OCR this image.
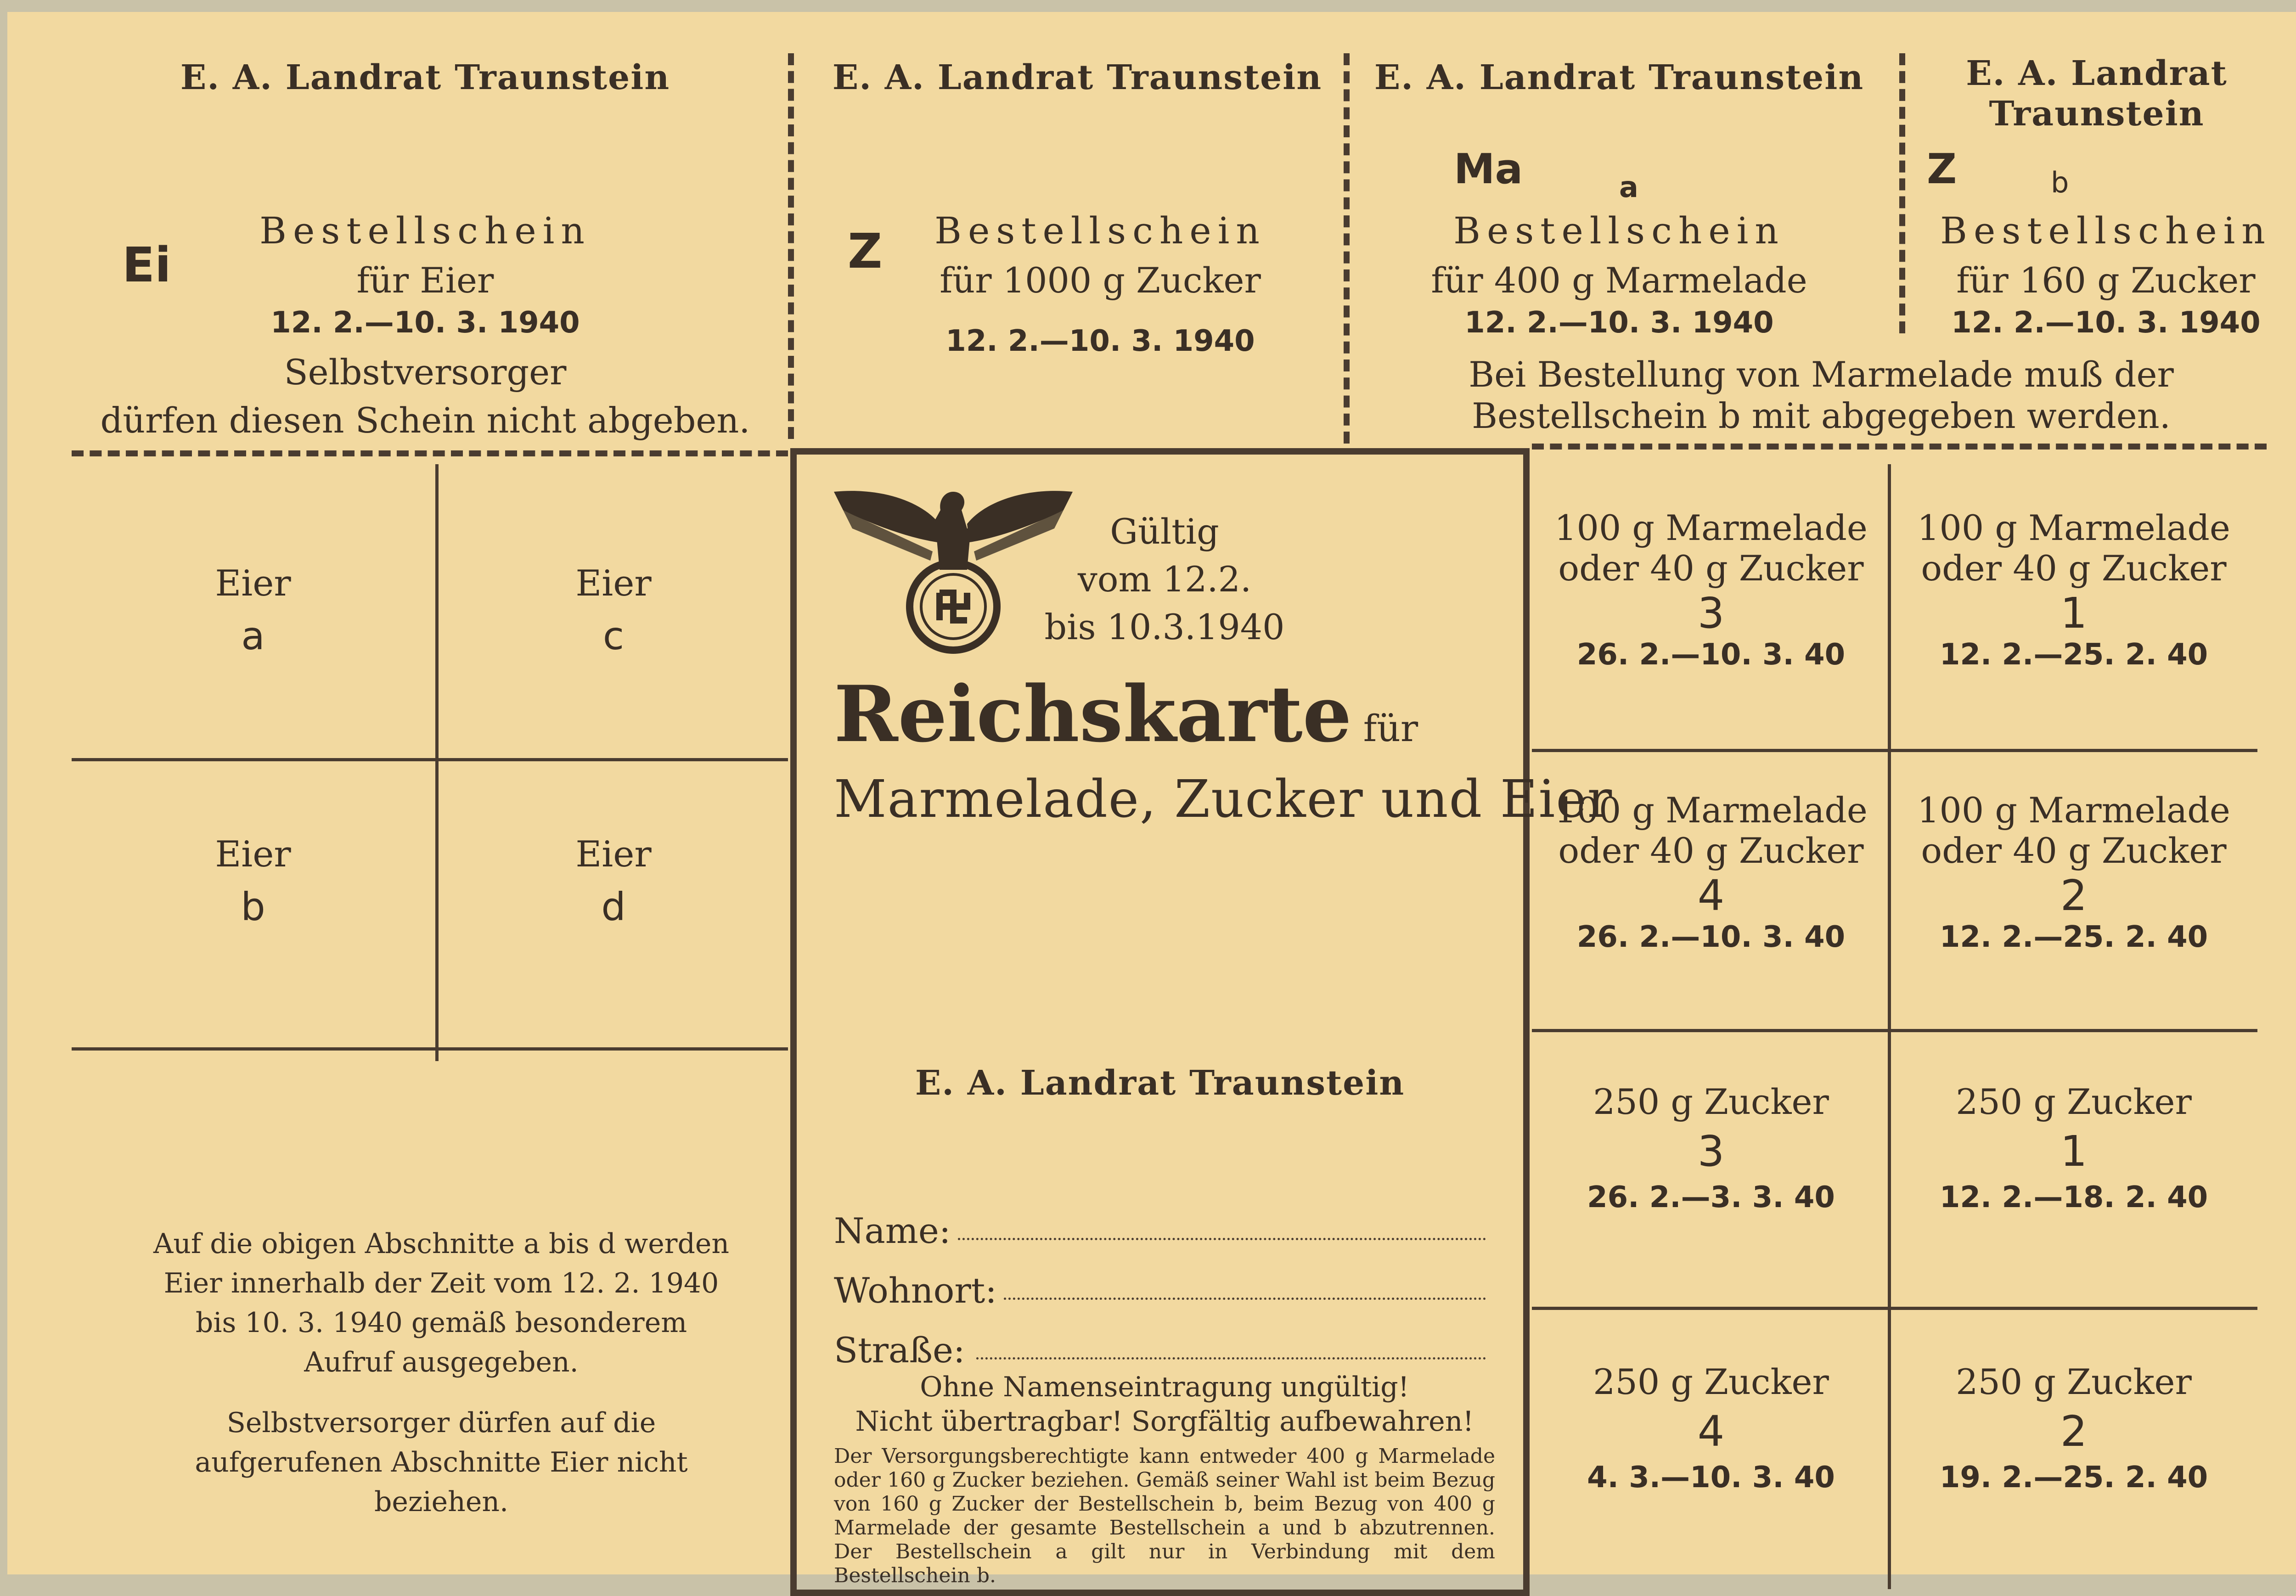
E. A. Landrat Traunstein
Ei
Bestellschein
für Eier
12. 2.—10. 3. 1940
Selbstversorger
dürfen diesen Schein nicht abgeben.
E. A. Landrat Traunstein
Z	Bestellschein
für 1000 g Zucker
12. 2.—10. 3. 1940
E. A. Landrat Traunstein
Ma	a
Bestellschein
für 400 g Marmelade
12. 2.—10. 3. 1940
E. A. Landrat
Traunstein
Z	b
Bestellschein
für 160 g Zucker
12. 2.—10. 3. 1940
Bei Bestellung von Marmelade muß der
Bestellschein b mit abgegeben werden.
Eier
a
Eier
c
Eier
b
Eier
d
Auf die obigen Abschnitte a bis d werden Eier innerhalb der Zeit vom 12. 2. 1940 bis 10. 3. 1940 gemäß besonderem Aufruf ausgegeben.
Selbstversorger dürfen auf die aufgerufenen Abschnitte Eier nicht beziehen.
Gültig
vom 12.2.
bis 10.3.1940
Reichskarte für
Marmelade, Zucker und Eier
E. A. Landrat Traunstein
Name:
Wohnort:
Straße:
Ohne Namenseintragung ungültig!
Nicht übertragbar! Sorgfältig aufbewahren!
Der Versorgungsberechtigte kann entweder 400 g Marmelade oder 160 g Zucker beziehen. Gemäß seiner Wahl ist beim Bezug von 160 g Zucker der Bestellschein b, beim Bezug von 400 g Marmelade der gesamte Bestellschein a und b abzutrennen. Der Bestellschein a gilt nur in Verbindung mit dem Bestellschein b.
100 g Marmelade
oder 40 g Zucker
3
26. 2.—10. 3. 40
100 g Marmelade
oder 40 g Zucker
1
12. 2.—25. 2. 40
100 g Marmelade
oder 40 g Zucker
4
26. 2.—10. 3. 40
100 g Marmelade
oder 40 g Zucker
2
12. 2.—25. 2. 40
250 g Zucker
3
26. 2.—3. 3. 40
250 g Zucker
1
12. 2.—18. 2. 40
250 g Zucker
4
4. 3.—10. 3. 40
250 g Zucker
2
19. 2.—25. 2. 40
